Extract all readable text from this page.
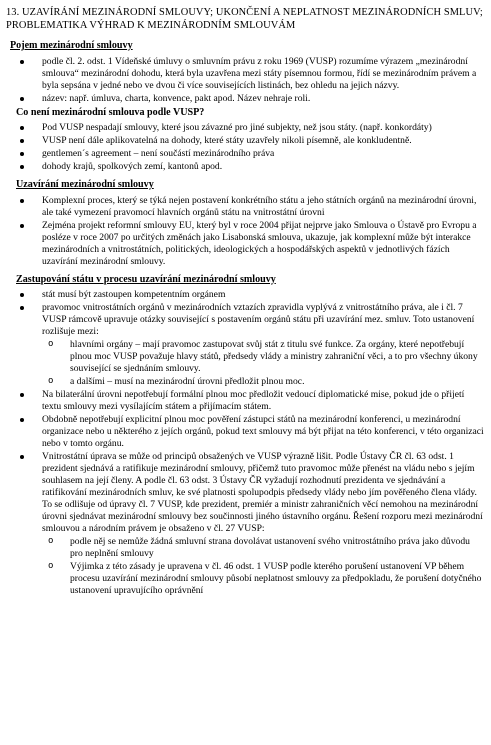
13. UZAVÍRÁNÍ MEZINÁRODNÍ SMLOUVY; UKONČENÍ A NEPLATNOST MEZINÁRODNÍCH SMLUV; PROBLEMATIKA VÝHRAD K MEZINÁRODNÍM SMLOUVÁM
Pojem mezinárodní smlouvy
podle čl. 2. odst. 1 Vídeňské úmluvy o smluvním právu z roku 1969 (VUSP) rozumíme výrazem „mezinárodní smlouva“ mezinárodní dohodu, která byla uzavřena mezi státy písemnou formou, řídí se mezinárodním právem a byla sepsána v jedné nebo ve dvou či více souvisejících listinách, bez ohledu na jejich názvy.
název: např. úmluva, charta, konvence, pakt apod. Název nehraje roli.
Co není mezinárodní smlouva podle VUSP?
Pod VUSP nespadají smlouvy, které jsou závazné pro jiné subjekty, než jsou státy. (např. konkordáty)
VUSP není dále aplikovatelná na dohody, které státy uzavřely nikoli písemně, ale konkludentně.
gentlemen´s agreement – není součástí mezinárodního práva
dohody krajů, spolkových zemí, kantonů apod.
Uzavírání mezinárodní smlouvy
Komplexní proces, který se týká nejen postavení konkrétního státu a jeho státních orgánů na mezinárodní úrovni, ale také vymezení pravomocí hlavních orgánů státu na vnitrostátní úrovni
Zejména projekt reformní smlouvy EU, který byl v roce 2004 přijat nejprve jako Smlouva o Ústavě pro Evropu a posléze v roce 2007 po určitých změnách jako Lisabonská smlouva, ukazuje, jak komplexní může být interakce mezinárodních a vnitrostátních, politických, ideologických a hospodářských aspektů v jednotlivých fázích uzavírání mezinárodní smlouvy.
Zastupování státu v procesu uzavírání mezinárodní smlouvy
stát musí být zastoupen kompetentním orgánem
pravomoc vnitrostátních orgánů v mezinárodních vztazích zpravidla vyplývá z vnitrostátního práva, ale i čl. 7 VUSP rámcově upravuje otázky související s postavením orgánů státu při uzavírání mez. smluv. Toto ustanovení rozlišuje mezi:
o hlavními orgány – mají pravomoc zastupovat svůj stát z titulu své funkce. Za orgány, které nepotřebují plnou moc VUSP považuje hlavy států, předsedy vlády a ministry zahraniční věci, a to pro všechny úkony související se sjednáním smlouvy.
o a dalšími – musí na mezinárodní úrovni předložit plnou moc.
Na bilaterální úrovni nepotřebují formální plnou moc předložit vedoucí diplomatické mise, pokud jde o přijetí textu smlouvy mezi vysílajícím státem a přijímacím státem.
Obdobně nepotřebují explicitní plnou moc pověření zástupci států na mezinárodní konferenci, u mezinárodní organizace nebo u některého z jejích orgánů, pokud text smlouvy má být přijat na této konferenci, v této organizaci nebo v tomto orgánu.
Vnitrostátní úprava se může od principů obsažených ve VUSP výrazně lišit. Podle Ústavy ČR čl. 63 odst. 1 prezident sjednává a ratifikuje mezinárodní smlouvy, přičemž tuto pravomoc může přenést na vládu nebo s jejím souhlasem na její členy. A podle čl. 63 odst. 3 Ústavy ČR vyžadují rozhodnutí prezidenta ve sjednávání a ratifikování mezinárodních smluv, ke své platnosti spolupodpis předsedy vlády nebo jím pověřeného člena vlády. To se odlišuje od úpravy čl. 7 VUSP, kde prezident, premiér a ministr zahraničních věcí nemohou na mezinárodní úrovni sjednávat mezinárodní smlouvy bez součinnosti jiného ústavního orgánu. Řešení rozporu mezi mezinárodní smlouvou a národním právem je obsaženo v čl. 27 VUSP:
o podle něj se nemůže žádná smluvní strana dovolávat ustanovení svého vnitrostátního práva jako důvodu pro neplnění smlouvy
o Výjimka z této zásady je upravena v čl. 46 odst. 1 VUSP podle kterého porušení ustanovení VP během procesu uzavírání mezinárodní smlouvy působí neplatnost smlouvy za předpokladu, že porušení dotyčného ustanovení upravujícího oprávnění
